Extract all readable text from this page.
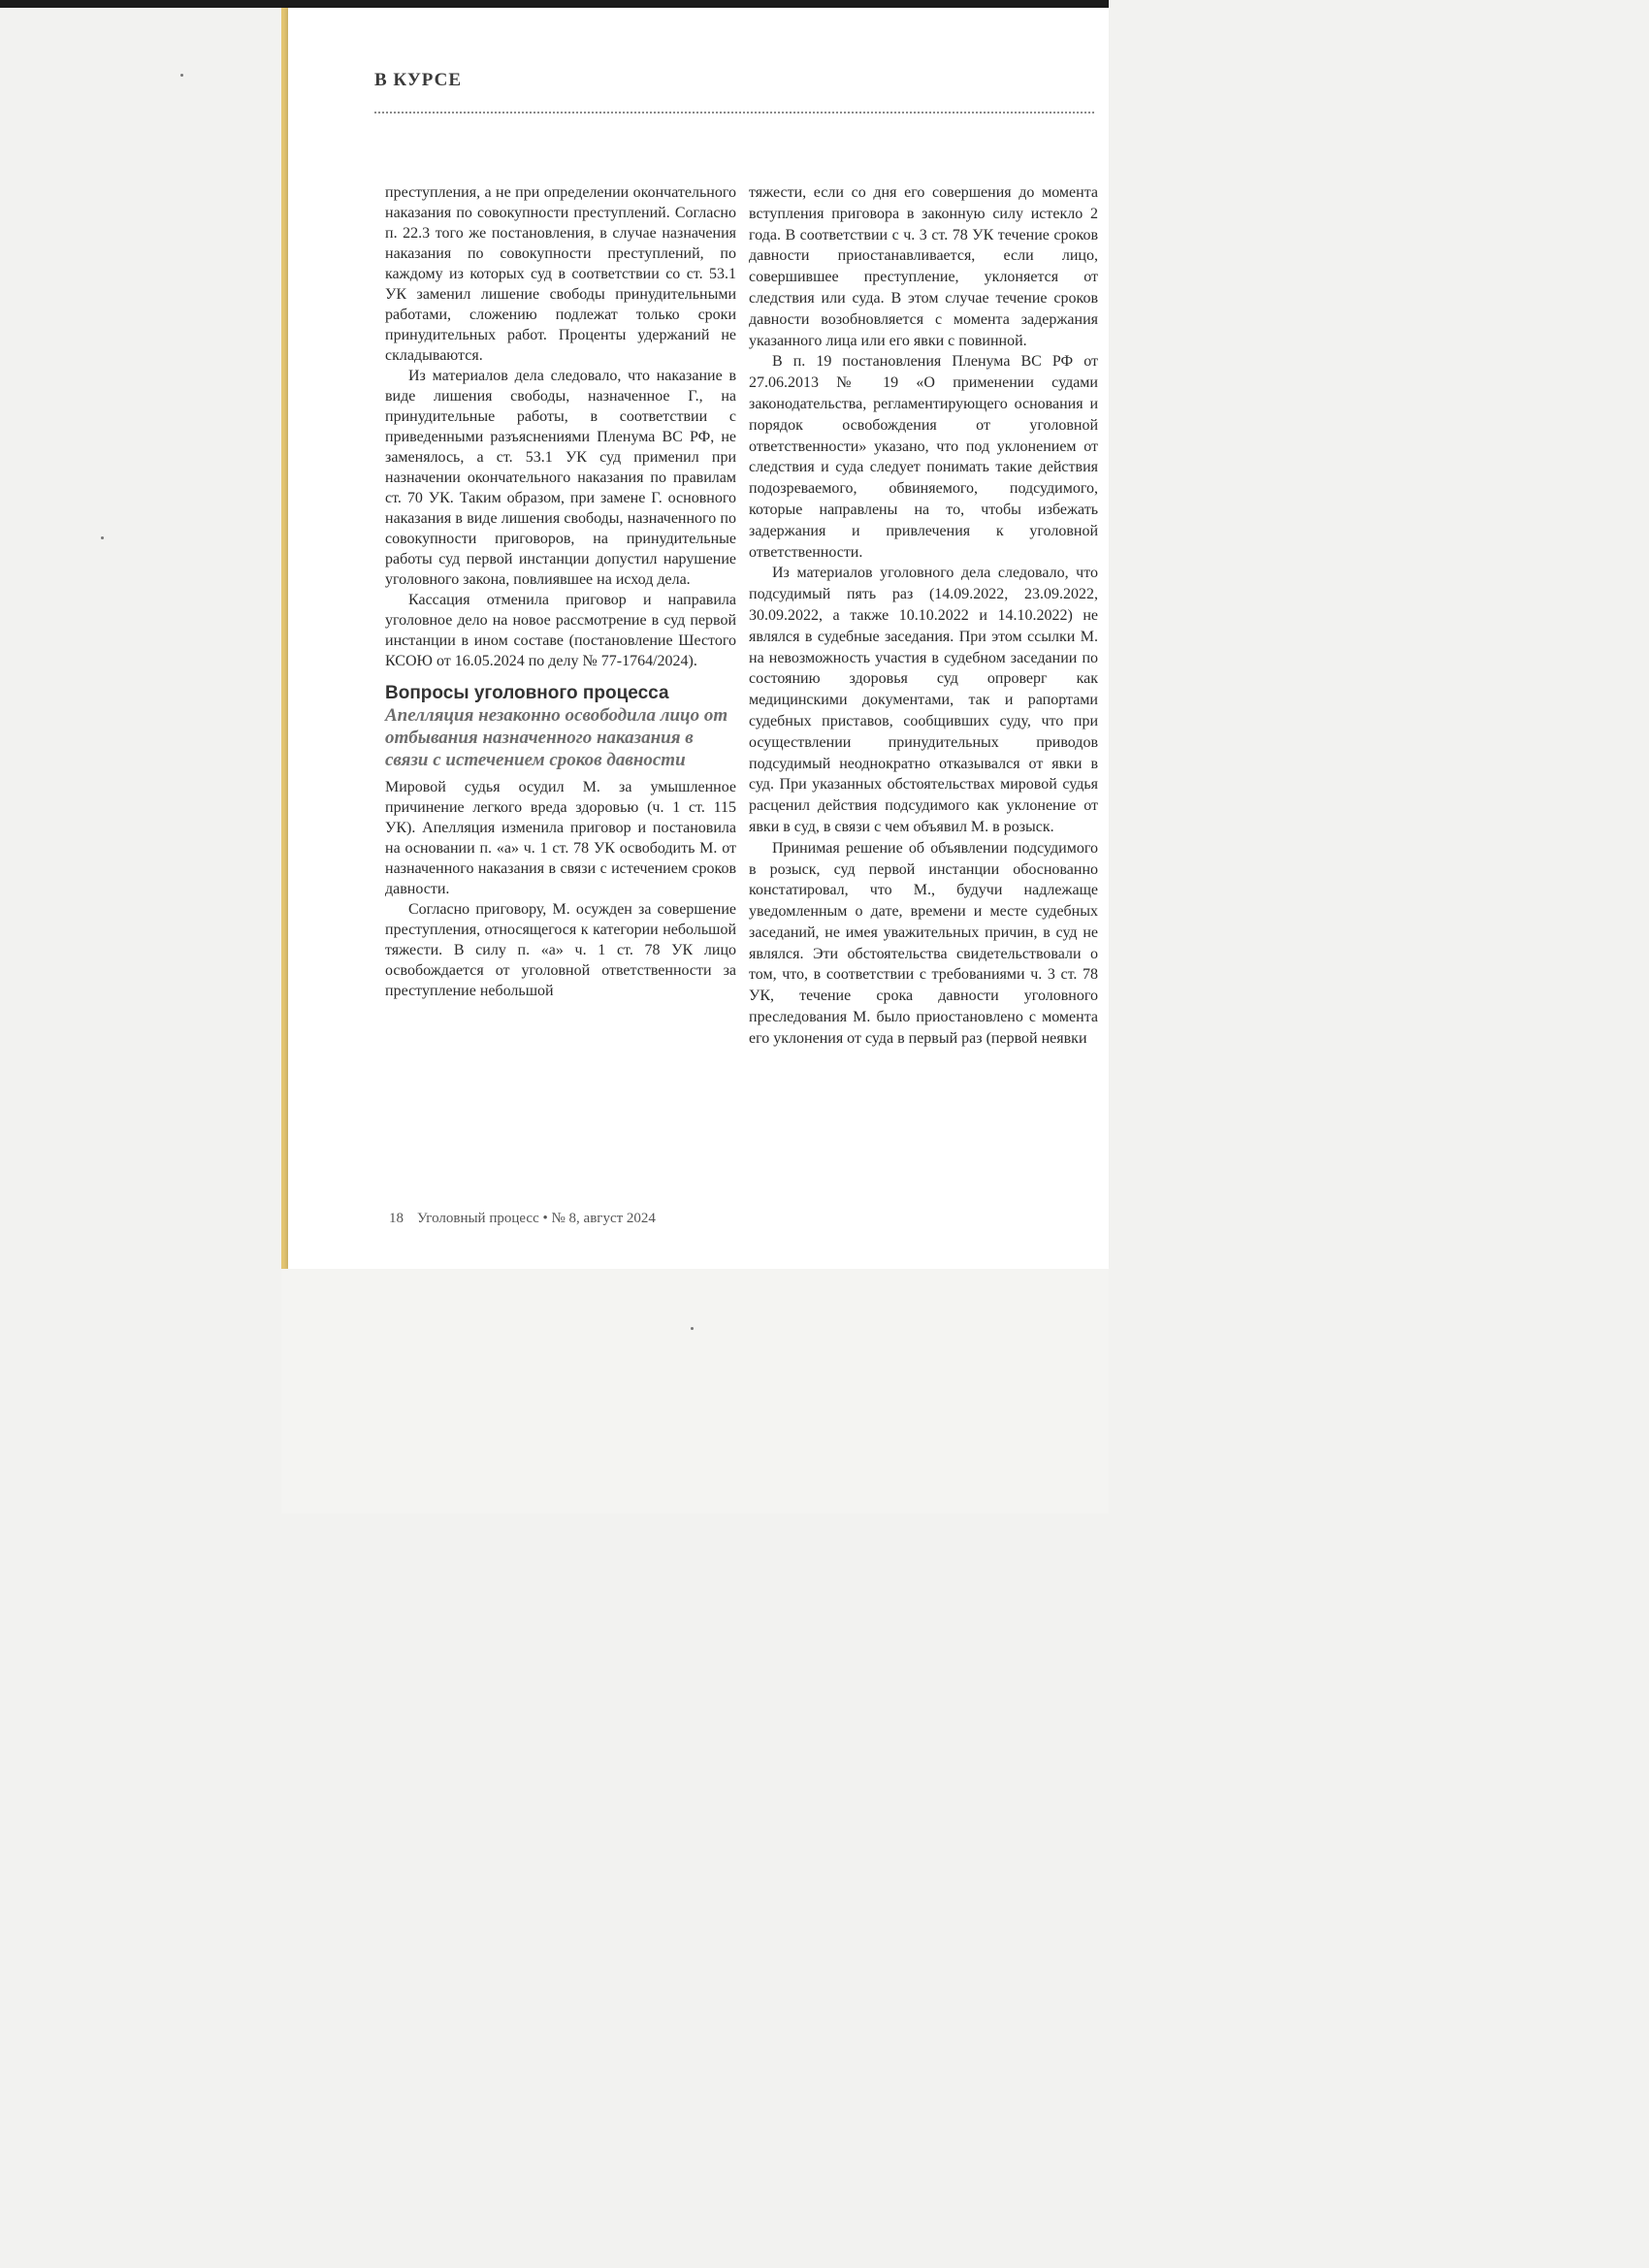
В КУРСЕ

преступления, а не при определении окончательного наказания по совокупности преступлений. Согласно п. 22.3 того же постановления, в случае назначения наказания по совокупности преступлений, по каждому из которых суд в соответствии со ст. 53.1 УК заменил лишение свободы принудительными работами, сложению подлежат только сроки принудительных работ. Проценты удержаний не складываются.

Из материалов дела следовало, что наказание в виде лишения свободы, назначенное Г., на принудительные работы, в соответствии с приведенными разъяснениями Пленума ВС РФ, не заменялось, а ст. 53.1 УК суд применил при назначении окончательного наказания по правилам ст. 70 УК. Таким образом, при замене Г. основного наказания в виде лишения свободы, назначенного по совокупности приговоров, на принудительные работы суд первой инстанции допустил нарушение уголовного закона, повлиявшее на исход дела.

Кассация отменила приговор и направила уголовное дело на новое рассмотрение в суд первой инстанции в ином составе (постановление Шестого КСОЮ от 16.05.2024 по делу № 77-1764/2024).

Вопросы уголовного процесса
Апелляция незаконно освободила лицо от отбывания назначенного наказания в связи с истечением сроков давности

Мировой судья осудил М. за умышленное причинение легкого вреда здоровью (ч. 1 ст. 115 УК). Апелляция изменила приговор и постановила на основании п. «а» ч. 1 ст. 78 УК освободить М. от назначенного наказания в связи с истечением сроков давности.

Согласно приговору, М. осужден за совершение преступления, относящегося к категории небольшой тяжести. В силу п. «а» ч. 1 ст. 78 УК лицо освобождается от уголовной ответственности за преступление небольшой

тяжести, если со дня его совершения до момента вступления приговора в законную силу истекло 2 года. В соответствии с ч. 3 ст. 78 УК течение сроков давности приостанавливается, если лицо, совершившее преступление, уклоняется от следствия или суда. В этом случае течение сроков давности возобновляется с момента задержания указанного лица или его явки с повинной.

В п. 19 постановления Пленума ВС РФ от 27.06.2013 № 19 «О применении судами законодательства, регламентирующего основания и порядок освобождения от уголовной ответственности» указано, что под уклонением от следствия и суда следует понимать такие действия подозреваемого, обвиняемого, подсудимого, которые направлены на то, чтобы избежать задержания и привлечения к уголовной ответственности.

Из материалов уголовного дела следовало, что подсудимый пять раз (14.09.2022, 23.09.2022, 30.09.2022, а также 10.10.2022 и 14.10.2022) не являлся в судебные заседания. При этом ссылки М. на невозможность участия в судебном заседании по состоянию здоровья суд опроверг как медицинскими документами, так и рапортами судебных приставов, сообщивших суду, что при осуществлении принудительных приводов подсудимый неоднократно отказывался от явки в суд. При указанных обстоятельствах мировой судья расценил действия подсудимого как уклонение от явки в суд, в связи с чем объявил М. в розыск.

Принимая решение об объявлении подсудимого в розыск, суд первой инстанции обоснованно констатировал, что М., будучи надлежаще уведомленным о дате, времени и месте судебных заседаний, не имея уважительных причин, в суд не являлся. Эти обстоятельства свидетельствовали о том, что, в соответствии с требованиями ч. 3 ст. 78 УК, течение срока давности уголовного преследования М. было приостановлено с момента его уклонения от суда в первый раз (первой неявки

18 Уголовный процесс • № 8, август 2024
